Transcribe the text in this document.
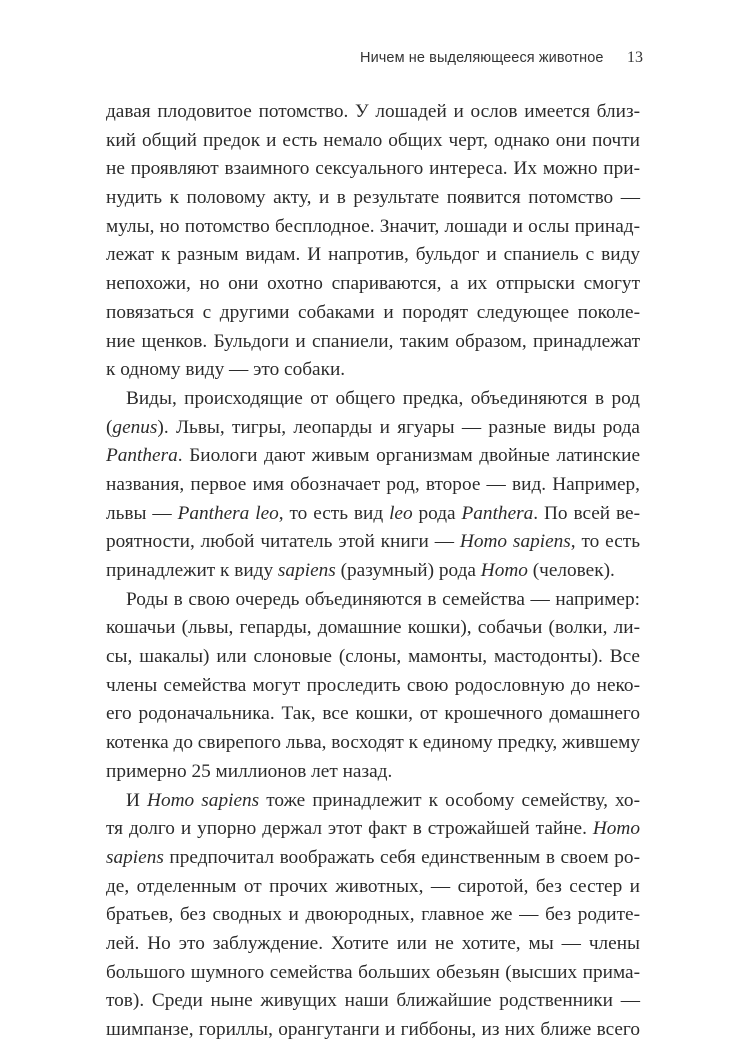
Ничем не выделяющееся животное 13
давая плодовитое потомство. У лошадей и ослов имеется близ-
кий общий предок и есть немало общих черт, однако они почти
не проявляют взаимного сексуального интереса. Их можно при-
нудить к половому акту, и в результате появится потомство —
мулы, но потомство бесплодное. Значит, лошади и ослы принад-
лежат к разным видам. И напротив, бульдог и спаниель с виду
непохожи, но они охотно спариваются, а их отпрыски смогут
повязаться с другими собаками и породят следующее поколе-
ние щенков. Бульдоги и спаниели, таким образом, принадлежат
к одному виду — это собаки.
Виды, происходящие от общего предка, объединяются в род
(genus). Львы, тигры, леопарды и ягуары — разные виды рода
Panthera. Биологи дают живым организмам двойные латинские
названия, первое имя обозначает род, второе — вид. Например,
львы — Panthera leo, то есть вид leo рода Panthera. По всей ве-
роятности, любой читатель этой книги — Homo sapiens, то есть
принадлежит к виду sapiens (разумный) рода Homo (человек).
Роды в свою очередь объединяются в семейства — например:
кошачьи (львы, гепарды, домашние кошки), собачьи (волки, ли-
сы, шакалы) или слоновые (слоны, мамонты, мастодонты). Все
члены семейства могут проследить свою родословную до неко-
его родоначальника. Так, все кошки, от крошечного домашнего
котенка до свирепого льва, восходят к единому предку, жившему
примерно 25 миллионов лет назад.
И Homo sapiens тоже принадлежит к особому семейству, хо-
тя долго и упорно держал этот факт в строжайшей тайне. Homo
sapiens предпочитал воображать себя единственным в своем ро-
де, отделенным от прочих животных, — сиротой, без сестер и
братьев, без сводных и двоюродных, главное же — без родите-
лей. Но это заблуждение. Хотите или не хотите, мы — члены
большого шумного семейства больших обезьян (высших прима-
тов). Среди ныне живущих наши ближайшие родственники —
шимпанзе, гориллы, орангутанги и гиббоны, из них ближе всего
